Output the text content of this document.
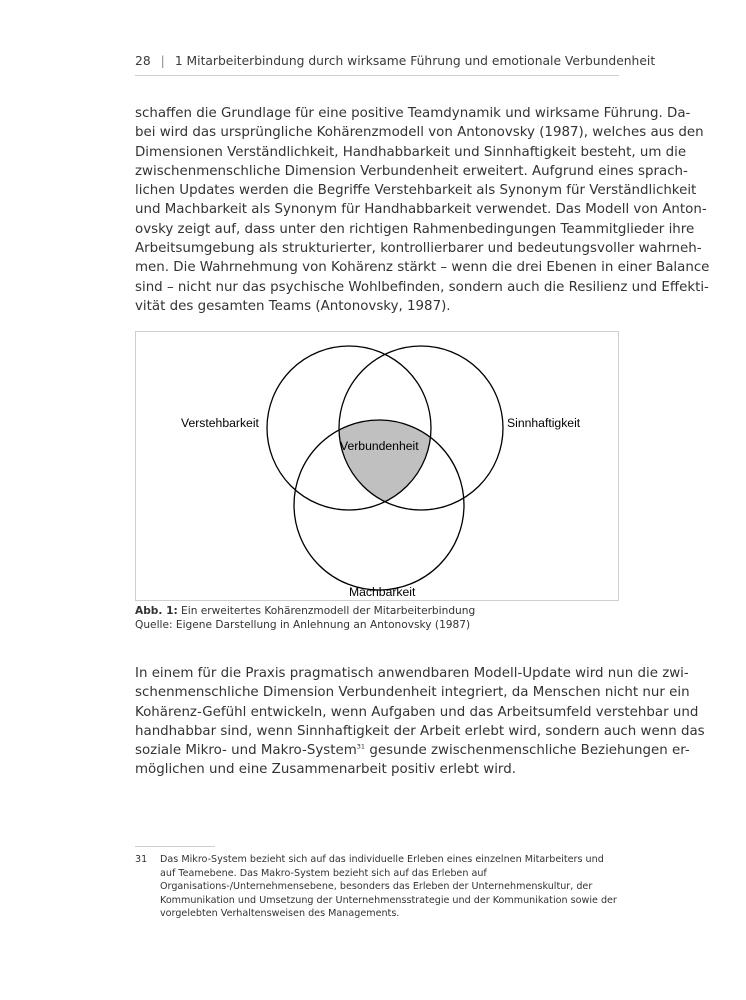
28 | 1 Mitarbeiterbindung durch wirksame Führung und emotionale Verbundenheit
schaffen die Grundlage für eine positive Teamdynamik und wirksame Führung. Da-
bei wird das ursprüngliche Kohärenzmodell von Antonovsky (1987), welches aus den
Dimensionen Verständlichkeit, Handhabbarkeit und Sinnhaftigkeit besteht, um die
zwischenmenschliche Dimension Verbundenheit erweitert. Aufgrund eines sprach-
lichen Updates werden die Begriffe Verstehbarkeit als Synonym für Verständlichkeit
und Machbarkeit als Synonym für Handhabbarkeit verwendet. Das Modell von Anton-
ovsky zeigt auf, dass unter den richtigen Rahmenbedingungen Teammitglieder ihre
Arbeitsumgebung als strukturierter, kontrollierbarer und bedeutungsvoller wahrneh-
men. Die Wahrnehmung von Kohärenz stärkt – wenn die drei Ebenen in einer Balance
sind – nicht nur das psychische Wohlbefinden, sondern auch die Resilienz und Effekti-
vität des gesamten Teams (Antonovsky, 1987).
Verstehbarkeit	Sinnhaftigkeit
Verbundenheit
Machbarkeit
Abb. 1: Ein erweitertes Kohärenzmodell der Mitarbeiterbindung
Quelle: Eigene Darstellung in Anlehnung an Antonovsky (1987)
In einem für die Praxis pragmatisch anwendbaren Modell-Update wird nun die zwi-
schenmenschliche Dimension Verbundenheit integriert, da Menschen nicht nur ein
Kohärenz-Gefühl entwickeln, wenn Aufgaben und das Arbeitsumfeld verstehbar und
handhabbar sind, wenn Sinnhaftigkeit der Arbeit erlebt wird, sondern auch wenn das
soziale Mikro- und Makro-System$^{31}$ gesunde zwischenmenschliche Beziehungen er-
möglichen und eine Zusammenarbeit positiv erlebt wird.
31 Das Mikro-System bezieht sich auf das individuelle Erleben eines einzelnen Mitarbeiters und auf Teamebene. Das Makro-System bezieht sich auf das Erleben auf Organisations-/Unternehmensebene, besonders das Erleben der Unternehmenskultur, der Kommunikation und Umsetzung der Unternehmensstrategie und der Kommunikation sowie der vorgelebten Verhaltensweisen des Managements.
